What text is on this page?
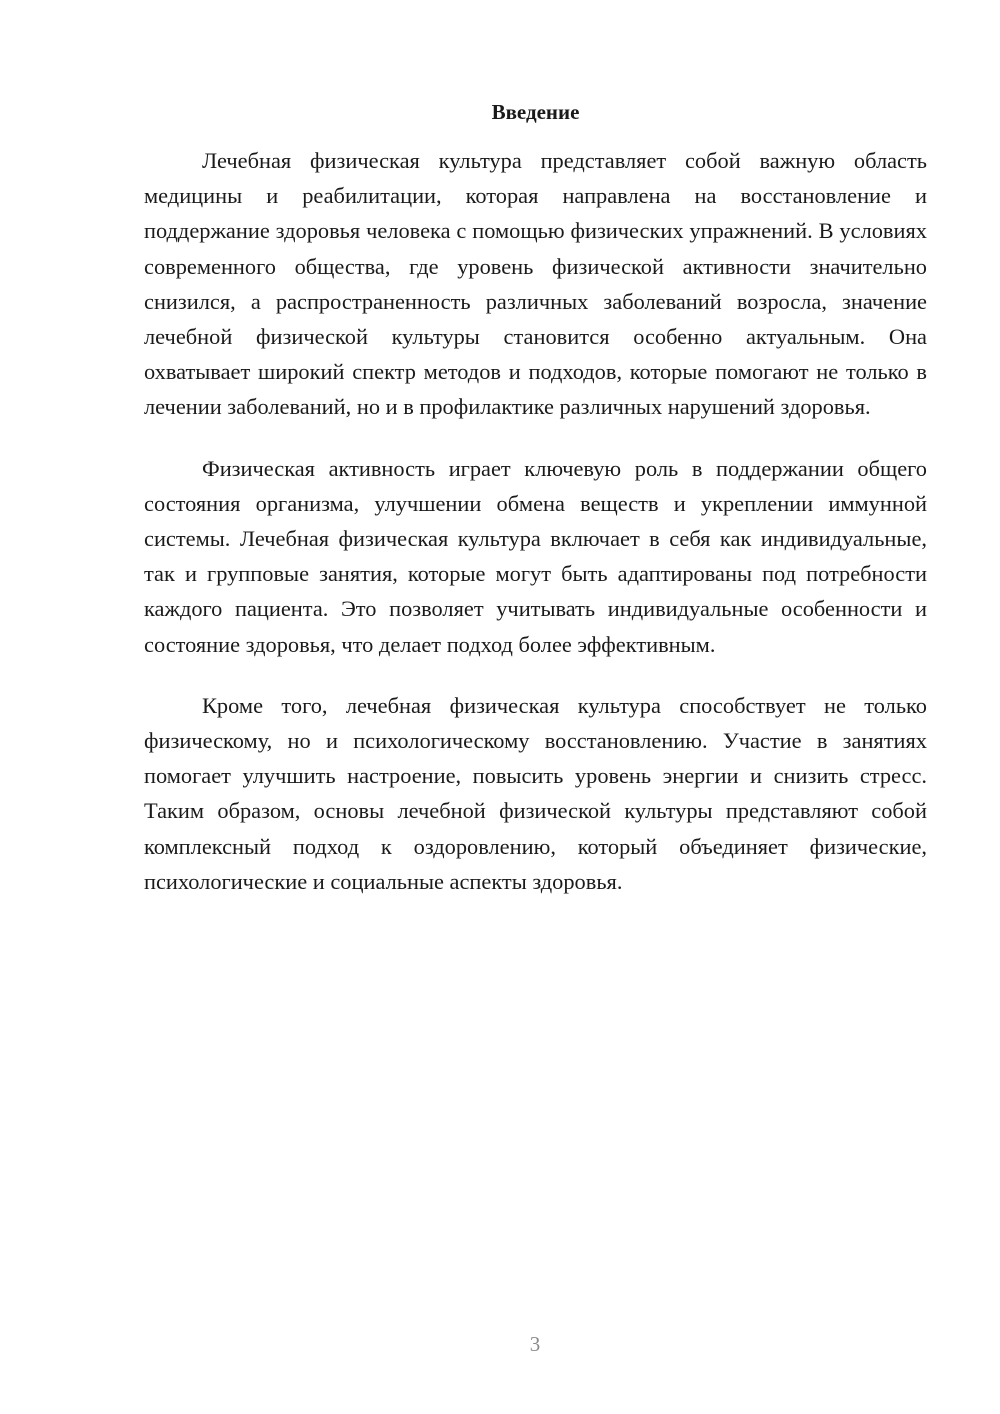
Введение

Лечебная физическая культура представляет собой важную область медицины и реабилитации, которая направлена на восстановление и поддержание здоровья человека с помощью физических упражнений. В условиях современного общества, где уровень физической активности значительно снизился, а распространенность различных заболеваний возросла, значение лечебной физической культуры становится особенно актуальным. Она охватывает широкий спектр методов и подходов, которые помогают не только в лечении заболеваний, но и в профилактике различных нарушений здоровья.

Физическая активность играет ключевую роль в поддержании общего состояния организма, улучшении обмена веществ и укреплении иммунной системы. Лечебная физическая культура включает в себя как индивидуальные, так и групповые занятия, которые могут быть адаптированы под потребности каждого пациента. Это позволяет учитывать индивидуальные особенности и состояние здоровья, что делает подход более эффективным.

Кроме того, лечебная физическая культура способствует не только физическому, но и психологическому восстановлению. Участие в занятиях помогает улучшить настроение, повысить уровень энергии и снизить стресс. Таким образом, основы лечебной физической культуры представляют собой комплексный подход к оздоровлению, который объединяет физические, психологические и социальные аспекты здоровья.

3
